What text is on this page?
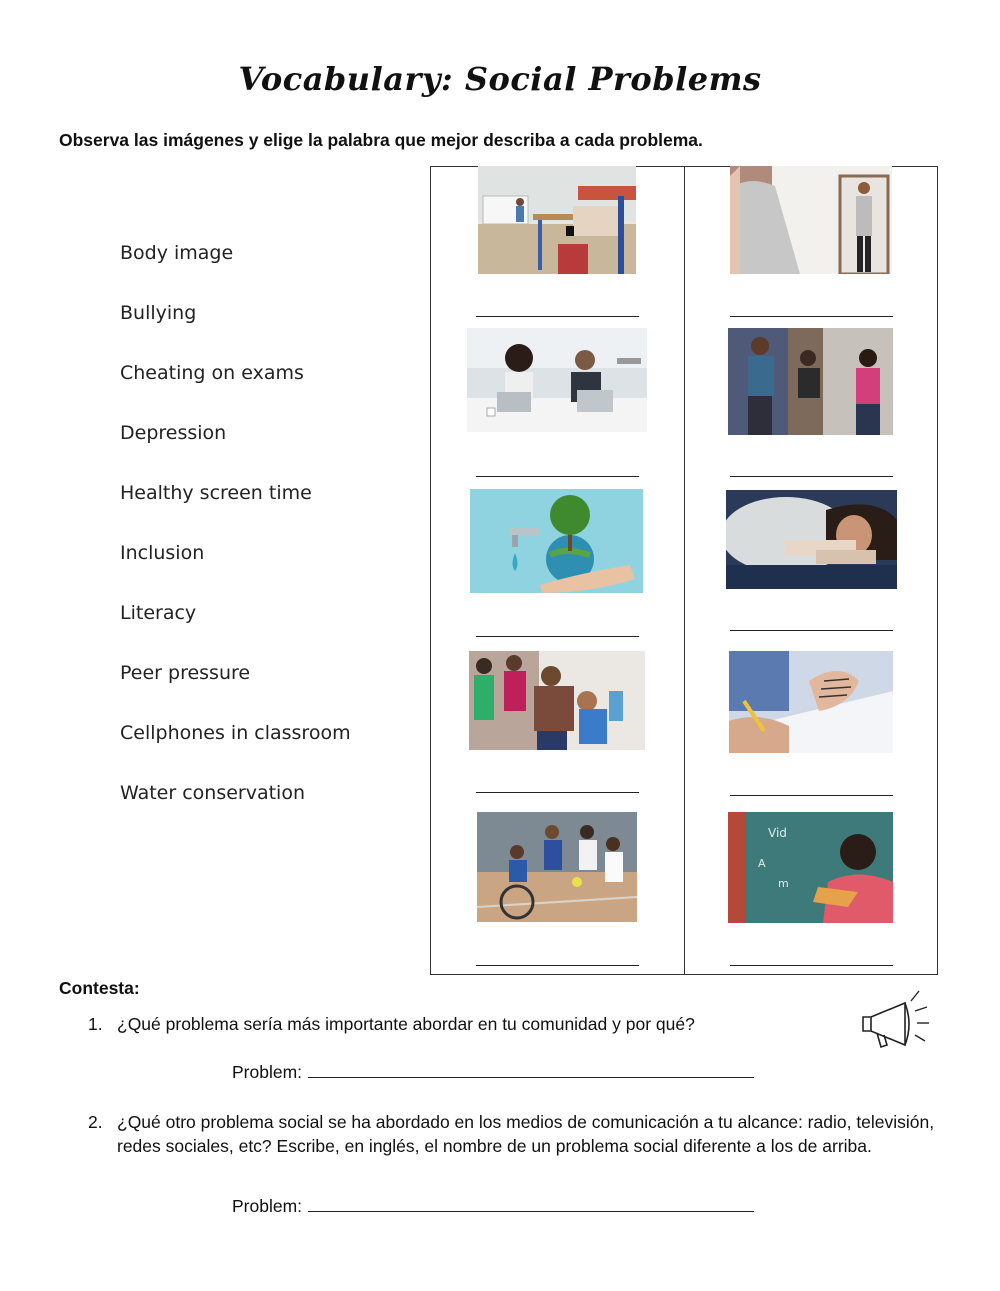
Vocabulary: Social Problems
Observa las imágenes y elige la palabra que mejor describa a cada problema.
Body image
Bullying
Cheating on exams
Depression
Healthy screen time
Inclusion
Literacy
Peer pressure
Cellphones in classroom
Water conservation
Vid
A
m
Contesta:
1. ¿Qué problema sería más importante abordar en tu comunidad y por qué?
Problem:
2. ¿Qué otro problema social se ha abordado en los medios de comunicación a tu alcance: radio, televisión, redes sociales, etc? Escribe, en inglés, el nombre de un problema social diferente a los de arriba.
Problem:
